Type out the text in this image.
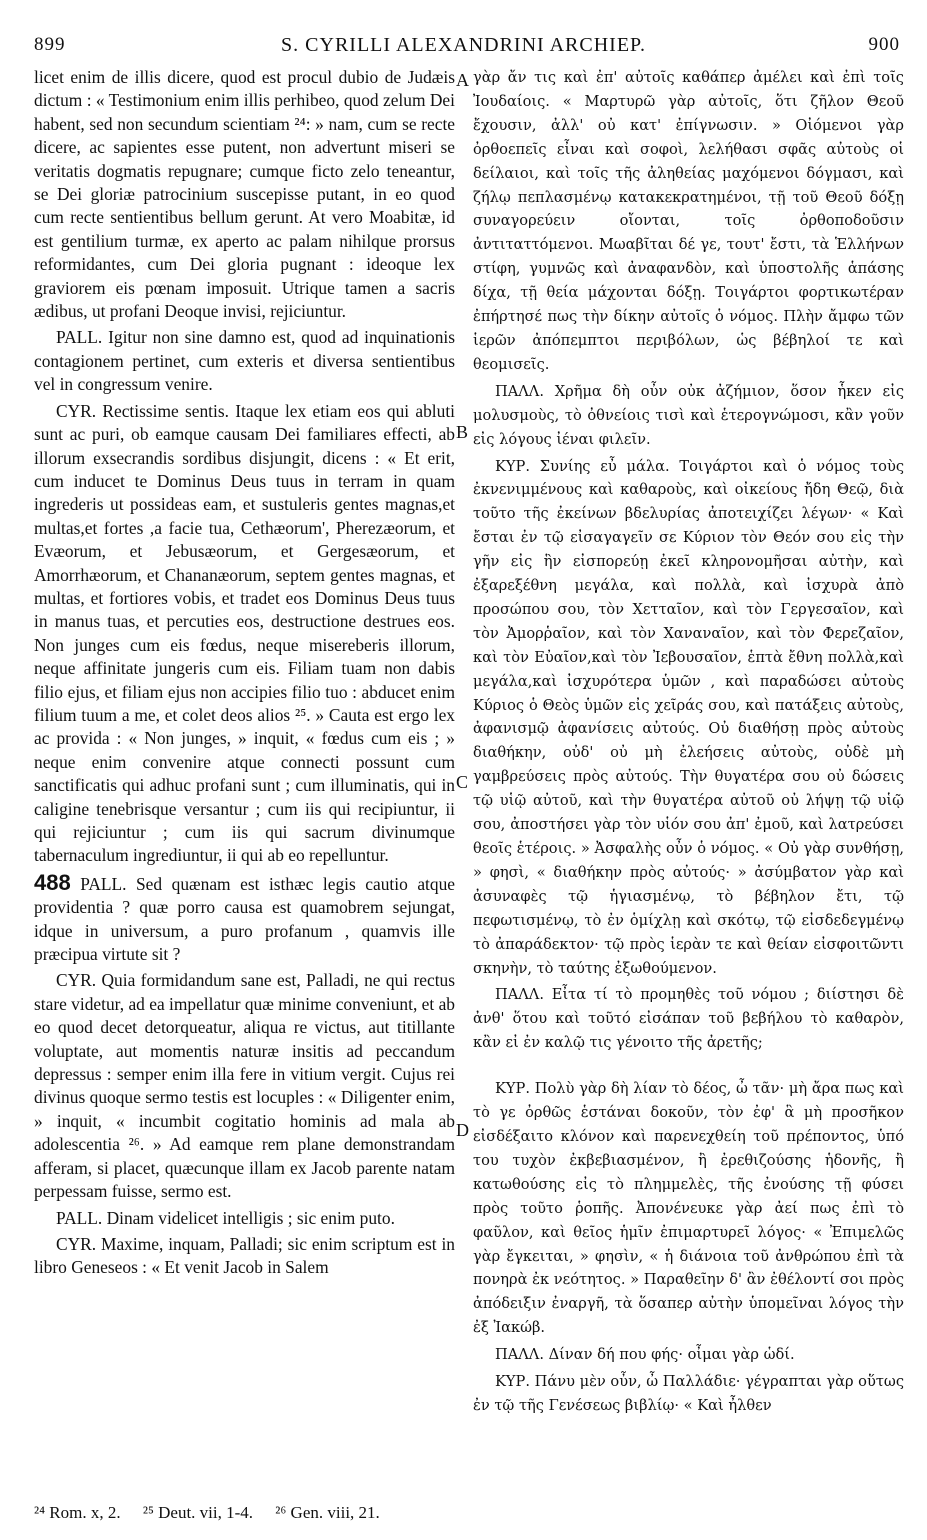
899	S. CYRILLI ALEXANDRINI ARCHIEP.	900

licet enim de illis dicere, quod est procul dubio de Judæis dictum : « Testimonium enim illis perhibeo, quod zelum Dei habent, sed non secundum scientiam ²⁴: » nam, cum se recte dicere, ac sapientes esse putent, non advertunt miseri se veritatis dogmatis repugnare; cumque ficto zelo teneantur, se Dei gloriæ patrocinium suscepisse putant, in eo quod cum recte sentientibus bellum gerunt. At vero Moabitæ, id est gentilium turmæ, ex aperto ac palam nihilque prorsus reformidantes, cum Dei gloria pugnant : ideoque lex graviorem eis pœnam imposuit. Utrique tamen a sacris ædibus, ut profani Deoque invisi, rejiciuntur.

PALL. Igitur non sine damno est, quod ad inquinationis contagionem pertinet, cum exteris et diversa sentientibus vel in congressum venire.

CYR. Rectissime sentis. Itaque lex etiam eos qui abluti sunt ac puri, ob eamque causam Dei familiares effecti, ab illorum exsecrandis sordibus disjungit, dicens : « Et erit, cum inducet te Dominus Deus tuus in terram in quam ingrederis ut possideas eam, et sustuleris gentes magnas,et multas,et fortes ,a facie tua, Cethæorum', Pherezæorum, et Evæorum, et Jebusæorum, et Gergesæorum, et Amorrhæorum, et Chananæorum, septem gentes magnas, et multas, et fortiores vobis, et tradet eos Dominus Deus tuus in manus tuas, et percuties eos, destructione destrues eos. Non junges cum eis fœdus, neque misereberis illorum, neque affinitate jungeris cum eis. Filiam tuam non dabis filio ejus, et filiam ejus non accipies filio tuo : abducet enim filium tuum a me, et colet deos alios ²⁵. » Cauta est ergo lex ac provida : « Non junges, » inquit, « fœdus cum eis ; » neque enim convenire atque connecti possunt cum sanctificatis qui adhuc profani sunt ; cum illuminatis, qui in caligine tenebrisque versantur ; cum iis qui recipiuntur, ii qui rejiciuntur ; cum iis qui sacrum divinumque tabernaculum ingrediuntur, ii qui ab eo repelluntur.

488 PALL. Sed quænam est isthæc legis cautio atque providentia ? quæ porro causa est quamobrem sejungat, idque in universum, a puro profanum , quamvis ille præcipua virtute sit ?

CYR. Quia formidandum sane est, Palladi, ne qui rectus stare videtur, ad ea impellatur quæ minime conveniunt, et ab eo quod decet detorqueatur, aliqua re victus, aut titillante voluptate, aut momentis naturæ insitis ad peccandum depressus : semper enim illa fere in vitium vergit. Cujus rei divinus quoque sermo testis est locuples : « Diligenter enim, » inquit, « incumbit cogitatio hominis ad mala ab adolescentia ²⁶. » Ad eamque rem plane demonstrandam afferam, si placet, quæcunque illam ex Jacob parente natam perpessam fuisse, sermo est.

PALL. Dinam videlicet intelligis ; sic enim puto.

CYR. Maxime, inquam, Palladi; sic enim scriptum est in libro Geneseos : « Et venit Jacob in Salem

γὰρ ἄν τις καὶ ἐπ' αὐτοῖς καθάπερ ἀμέλει καὶ ἐπὶ τοῖς Ἰουδαίοις. « Μαρτυρῶ γὰρ αὐτοῖς, ὅτι ζῆλον Θεοῦ ἔχουσιν, ἀλλ' οὐ κατ' ἐπίγνωσιν. » Οἰόμενοι γὰρ ὀρθοεπεῖς εἶναι καὶ σοφοὶ, λελήθασι σφᾶς αὐτοὺς οἱ δείλαιοι, καὶ τοῖς τῆς ἀληθείας μαχόμενοι δόγμασι, καὶ ζήλῳ πεπλασμένῳ κατακεκρατημένοι, τῇ τοῦ Θεοῦ δόξῃ συναγορεύειν οἴονται, τοῖς ὀρθοποδοῦσιν ἀντιταττόμενοι. Μωαβῖται δέ γε, τουτ' ἔστι, τὰ Ἑλλήνων στίφη, γυμνῶς καὶ ἀναφανδὸν, καὶ ὑποστολῆς ἁπάσης δίχα, τῇ θεία μάχονται δόξῃ. Τοιγάρτοι φορτικωτέραν ἐπήρτησέ πως τὴν δίκην αὐτοῖς ὁ νόμος. Πλὴν ἄμφω τῶν ἱερῶν ἀπόπεμπτοι περιβόλων, ὡς βέβηλοί τε καὶ θεομισεῖς.

ΠΑΛΛ. Χρῆμα δὴ οὖν οὐκ ἀζήμιον, ὅσον ἧκεν εἰς μολυσμοὺς, τὸ ὀθνείοις τισὶ καὶ ἑτερογνώμοσι, κἂν γοῦν εἰς λόγους ἰέναι φιλεῖν.

ΚΥΡ. Συνίης εὖ μάλα. Τοιγάρτοι καὶ ὁ νόμος τοὺς ἐκνενιμμένους καὶ καθαροὺς, καὶ οἰκείους ἤδη Θεῷ, διὰ τοῦτο τῆς ἐκείνων βδελυρίας ἀποτειχίζει λέγων· « Καὶ ἔσται ἐν τῷ εἰσαγαγεῖν σε Κύριον τὸν Θεόν σου εἰς τὴν γῆν εἰς ἣν εἰσπορεύῃ ἐκεῖ κληρονομῆσαι αὐτὴν, καὶ ἐξαρεξέθνη μεγάλα, καὶ πολλὰ, καὶ ἰσχυρὰ ἀπὸ προσώπου σου, τὸν Χετταῖον, καὶ τὸν Γεργεσαῖον, καὶ τὸν Ἀμορῥαῖον, καὶ τὸν Χαναναῖον, καὶ τὸν Φερεζαῖον, καὶ τὸν Εὐαῖον,καὶ τὸν Ἰεβουσαῖον, ἑπτὰ ἔθνη πολλὰ,καὶ μεγάλα,καὶ ἰσχυρότερα ὑμῶν , καὶ παραδώσει αὐτοὺς Κύριος ὁ Θεὸς ὑμῶν εἰς χεῖράς σου, καὶ πατάξεις αὐτοὺς, ἀφανισμῷ ἀφανίσεις αὐτούς. Οὐ διαθήσῃ πρὸς αὐτοὺς διαθήκην, οὐδ' οὐ μὴ ἐλεήσεις αὐτοὺς, οὐδὲ μὴ γαμβρεύσεις πρὸς αὐτούς. Τὴν θυγατέρα σου οὐ δώσεις τῷ υἱῷ αὐτοῦ, καὶ τὴν θυγατέρα αὐτοῦ οὐ λήψῃ τῷ υἱῷ σου, ἀποστήσει γὰρ τὸν υἱόν σου ἀπ' ἐμοῦ, καὶ λατρεύσει θεοῖς ἑτέροις. » Ἀσφαλὴς οὖν ὁ νόμος. « Οὐ γὰρ συνθήσῃ, » φησὶ, « διαθήκην πρὸς αὐτούς· » ἀσύμβατον γὰρ καὶ ἀσυναφὲς τῷ ἡγιασμένῳ, τὸ βέβηλον ἔτι, τῷ πεφωτισμένῳ, τὸ ἐν ὁμίχλῃ καὶ σκότῳ, τῷ εἰσδεδεγμένῳ τὸ ἀπαράδεκτον· τῷ πρὸς ἱερὰν τε καὶ θείαν εἰσφοιτῶντι σκηνὴν, τὸ ταύτης ἐξωθούμενον.

ΠΑΛΛ. Εἶτα τί τὸ προμηθὲς τοῦ νόμου ; διίστησι δὲ ἀνθ' ὅτου καὶ τοῦτό εἰσάπαν τοῦ βεβήλου τὸ καθαρὸν, κἂν εἰ ἐν καλῷ τις γένοιτο τῆς ἀρετῆς;

ΚΥΡ. Πολὺ γὰρ δὴ λίαν τὸ δέος, ὦ τᾶν· μὴ ἄρα πως καὶ τὸ γε ὀρθῶς ἑστάναι δοκοῦν, τὸν ἐφ' ἃ μὴ προσῆκον εἰσδέξαιτο κλόνον καὶ παρενεχθείη τοῦ πρέποντος, ὑπό του τυχὸν ἐκβεβιασμένον, ἢ ἐρεθιζούσης ἡδονῆς, ἢ κατωθούσης εἰς τὸ πλημμελὲς, τῆς ἐνούσης τῇ φύσει πρὸς τοῦτο ῥοπῆς. Ἀπονένευκε γὰρ ἀεί πως ἐπὶ τὸ φαῦλον, καὶ θεῖος ἡμῖν ἐπιμαρτυρεῖ λόγος· « Ἐπιμελῶς γὰρ ἔγκειται, » φησὶν, « ἡ διάνοια τοῦ ἀνθρώπου ἐπὶ τὰ πονηρὰ ἐκ νεότητος. » Παραθεῖην δ' ἂν ἐθέλοντί σοι πρὸς ἀπόδειξιν ἐναργῆ, τὰ ὅσαπερ αὐτὴν ὑπομεῖναι λόγος τὴν ἐξ Ἰακώβ.

ΠΑΛΛ. Δίναν δή που φής· οἶμαι γὰρ ὡδί.

ΚΥΡ. Πάνυ μὲν οὖν, ὦ Παλλάδιε· γέγραπται γὰρ οὕτως ἐν τῷ τῆς Γενέσεως βιβλίῳ· « Καὶ ἦλθεν

A
B
C
D
²⁴ Rom. x, 2. ²⁵ Deut. vii, 1-4. ²⁶ Gen. viii, 21.
